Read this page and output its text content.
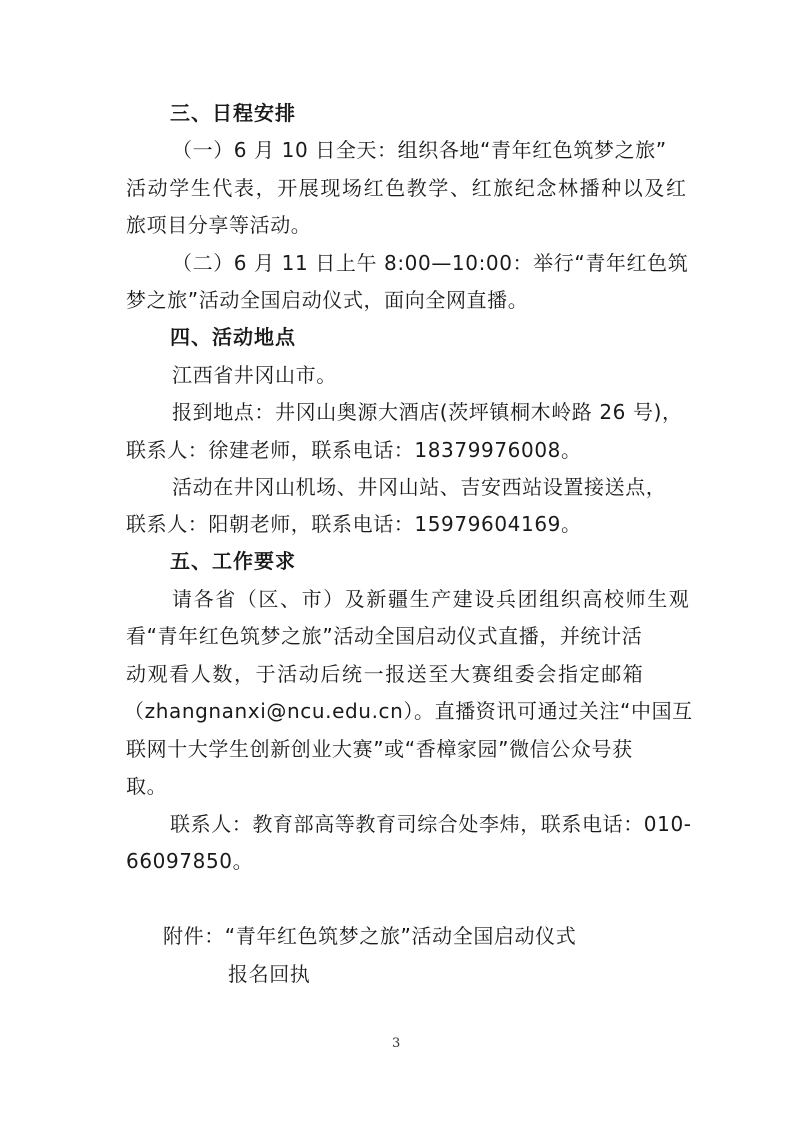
三、日程安排
（一）6 月 10 日全天：组织各地“青年红色筑梦之旅”
活动学生代表，开展现场红色教学、红旅纪念林播种以及红
旅项目分享等活动。
（二）6 月 11 日上午 8:00—10:00：举行“青年红色筑
梦之旅”活动全国启动仪式，面向全网直播。
四、活动地点
江西省井冈山市。
报到地点：井冈山奥源大酒店(茨坪镇桐木岭路 26 号)，
联系人：徐建老师，联系电话：18379976008。
活动在井冈山机场、井冈山站、吉安西站设置接送点，
联系人：阳朝老师，联系电话：15979604169。
五、工作要求
请各省（区、市）及新疆生产建设兵团组织高校师生观
看“青年红色筑梦之旅”活动全国启动仪式直播，并统计活
动观看人数，于活动后统一报送至大赛组委会指定邮箱
（zhangnanxi@ncu.edu.cn）。直播资讯可通过关注“中国互
联网十大学生创新创业大赛”或“香樟家园”微信公众号获
取。
联系人：教育部高等教育司综合处李炜，联系电话：010-
66097850。
附件：“青年红色筑梦之旅”活动全国启动仪式
报名回执
3
